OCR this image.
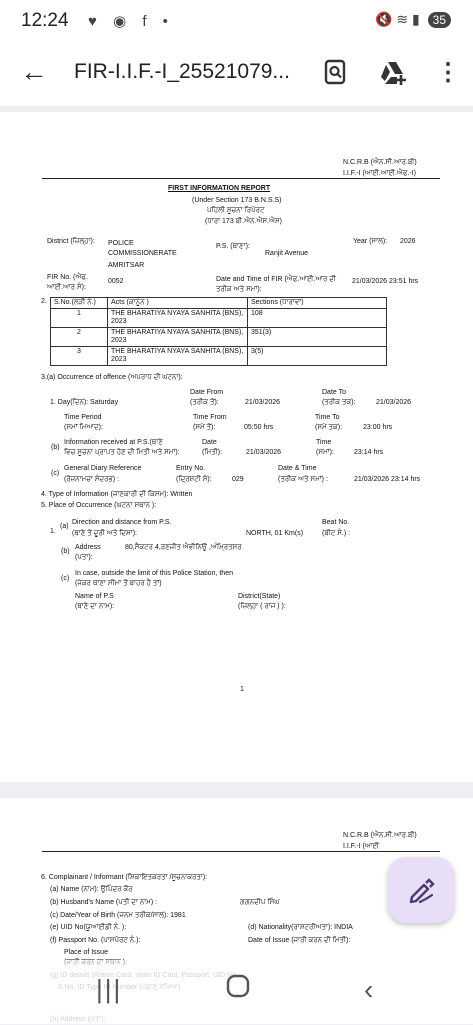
12:24 ♥ ◉ f •	🔇 ≋ ▮ 35
← FIR-I.I.F.-I_25521079...	⋮
N.C.R.B (ਐਨ.ਸੀ.ਆਰ.ਬੀ)
I.I.F.-I (ਆਈ.ਆਈ.ਐਫ.-I)
FIRST INFORMATION REPORT
(Under Section 173 B.N.S.S)
ਪਹਿਲੀ ਸੂਚਨਾ ਰਿਪੋਰਟ
(ਧਾਰਾ 173 ਬੀ.ਐਨ.ਐਸ.ਐਸ)
District (ਜ਼ਿਲ੍ਹਾ): POLICE
COMMISSIONERATE
AMRITSAR
P.S. (ਥਾਣਾ):
Ranjit Avenue
Year (ਸਾਲ): 2026
FIR No. (ਐਫ.
ਆਈ.ਆਰ ਸੰ):
0052	Date and Time of FIR (ਐਫ.ਆਈ.ਆਰ ਦੀ
ਤਰੀਕ ਅਤੇ ਸਮਾਂ):
21/03/2026 23:51 hrs
2. S.No.(ਲੜੀ ਨੰ.)	Acts (ਕਾਨੂੰਨ )	Sections (ਧਾਰਾਵਾਂ)
1	THE BHARATIYA NYAYA SANHITA (BNS), 2023	108
2	THE BHARATIYA NYAYA SANHITA (BNS), 2023	351(3)
3	THE BHARATIYA NYAYA SANHITA (BNS), 2023	3(5)
3.(a) Occurrence of offence (ਅਪਰਾਧ ਦੀ ਘਟਨਾ):
Date From
(ਤਰੀਕ ਤੋਂ):	21/03/2026
Date To
(ਤਰੀਕ ਤਕ):	21/03/2026
1. Day(ਦਿਨ): Saturday
Time Period
(ਸਮਾਂ ਮਿਆਦ):
Time From
(ਸਮੇਂ ਤੋਂ):	05:50 hrs
Time To
(ਸਮੇਂ ਤਕ):	23:00 hrs
(b)
Information received at P.S.(ਥਾਣੇ
ਵਿਚ ਸੂਚਨਾ ਪ੍ਰਾਪਤ ਹੋਣ ਦੀ ਮਿਤੀ ਅਤੇ ਸਮਾਂ):
Date
(ਮਿਤੀ):	21/03/2026
Time
(ਸਮਾਂ):	23:14 hrs
(c)
General Diary Reference
(ਰੋਜ਼ਨਾਮਚਾ ਸੰਦਰਭ) :
Entry No.
(ਦ੍ਰਿਸ਼ਟੀ ਸੰ):	029
Date & Time
(ਤਰੀਕ ਅਤੇ ਸਮਾਂ) :	21/03/2026 23:14 hrs
4. Type of Information (ਜਾਣਕਾਰੀ ਦੀ ਕਿਸਮ): Written
5. Place of Occurrence (ਘਟਨਾ ਸਥਾਨ ):
1.
(a)
Direction and distance from P.S.
(ਥਾਣੇ ਤੋਂ ਦੂਰੀ ਅਤੇ ਦਿਸ਼ਾ):	NORTH, 01 Km(s)
Beat No.
(ਬੀਟ ਸੰ.) :
(b)
Address
(ਪਤਾ):
80,ਸੈਕਟਰ 4,ਰਣਜੀਤ ਐਵੀਨਿਊ ,ਅੰਮ੍ਰਿਤਸਰ
(c)
In case, outside the limit of this Police Station, then
(ਜੇਕਰ ਥਾਣਾ ਸੀਮਾ ਤੋਂ ਬਾਹਰ ਹੈ ਤਾਂ)
Name of P.S
(ਥਾਣੇ ਦਾ ਨਾਮ):
District(State)
(ਜ਼ਿਲ੍ਹਾ ( ਰਾਜ ) ):
1
N.C.R.B (ਐਨ.ਸੀ.ਆਰ.ਬੀ)
I.I.F.-I (ਆਈ
6. Complainant / Informant (ਸ਼ਿਕਾਇਤਕਰਤਾ /ਸੂਚਨਾਕਰਤਾ):
(a) Name (ਨਾਮ): ਉਪਿੰਦਰ ਕੌਰ
(b) Husband's Name (ਪਤੀ ਦਾ ਨਾਮ) :	ਗਗਨਦੀਪ ਸਿੰਘ
(c) Date/Year of Birth (ਜਨਮ ਤਰੀਕ/ਸਾਲ): 1981
(e) UID No(ਯੂਆਈਡੀ ਨੰ. ):	(d) Nationality(ਰਾਸ਼ਟਰੀਅਤਾ): INDIA
(f) Passport No. (ਪਾਸਪੋਰਟ ਨੰ.):	Date of Issue (ਜਾਰੀ ਕਰਨ ਦੀ ਮਿਤੀ):
Place of Issue
|||	‹
